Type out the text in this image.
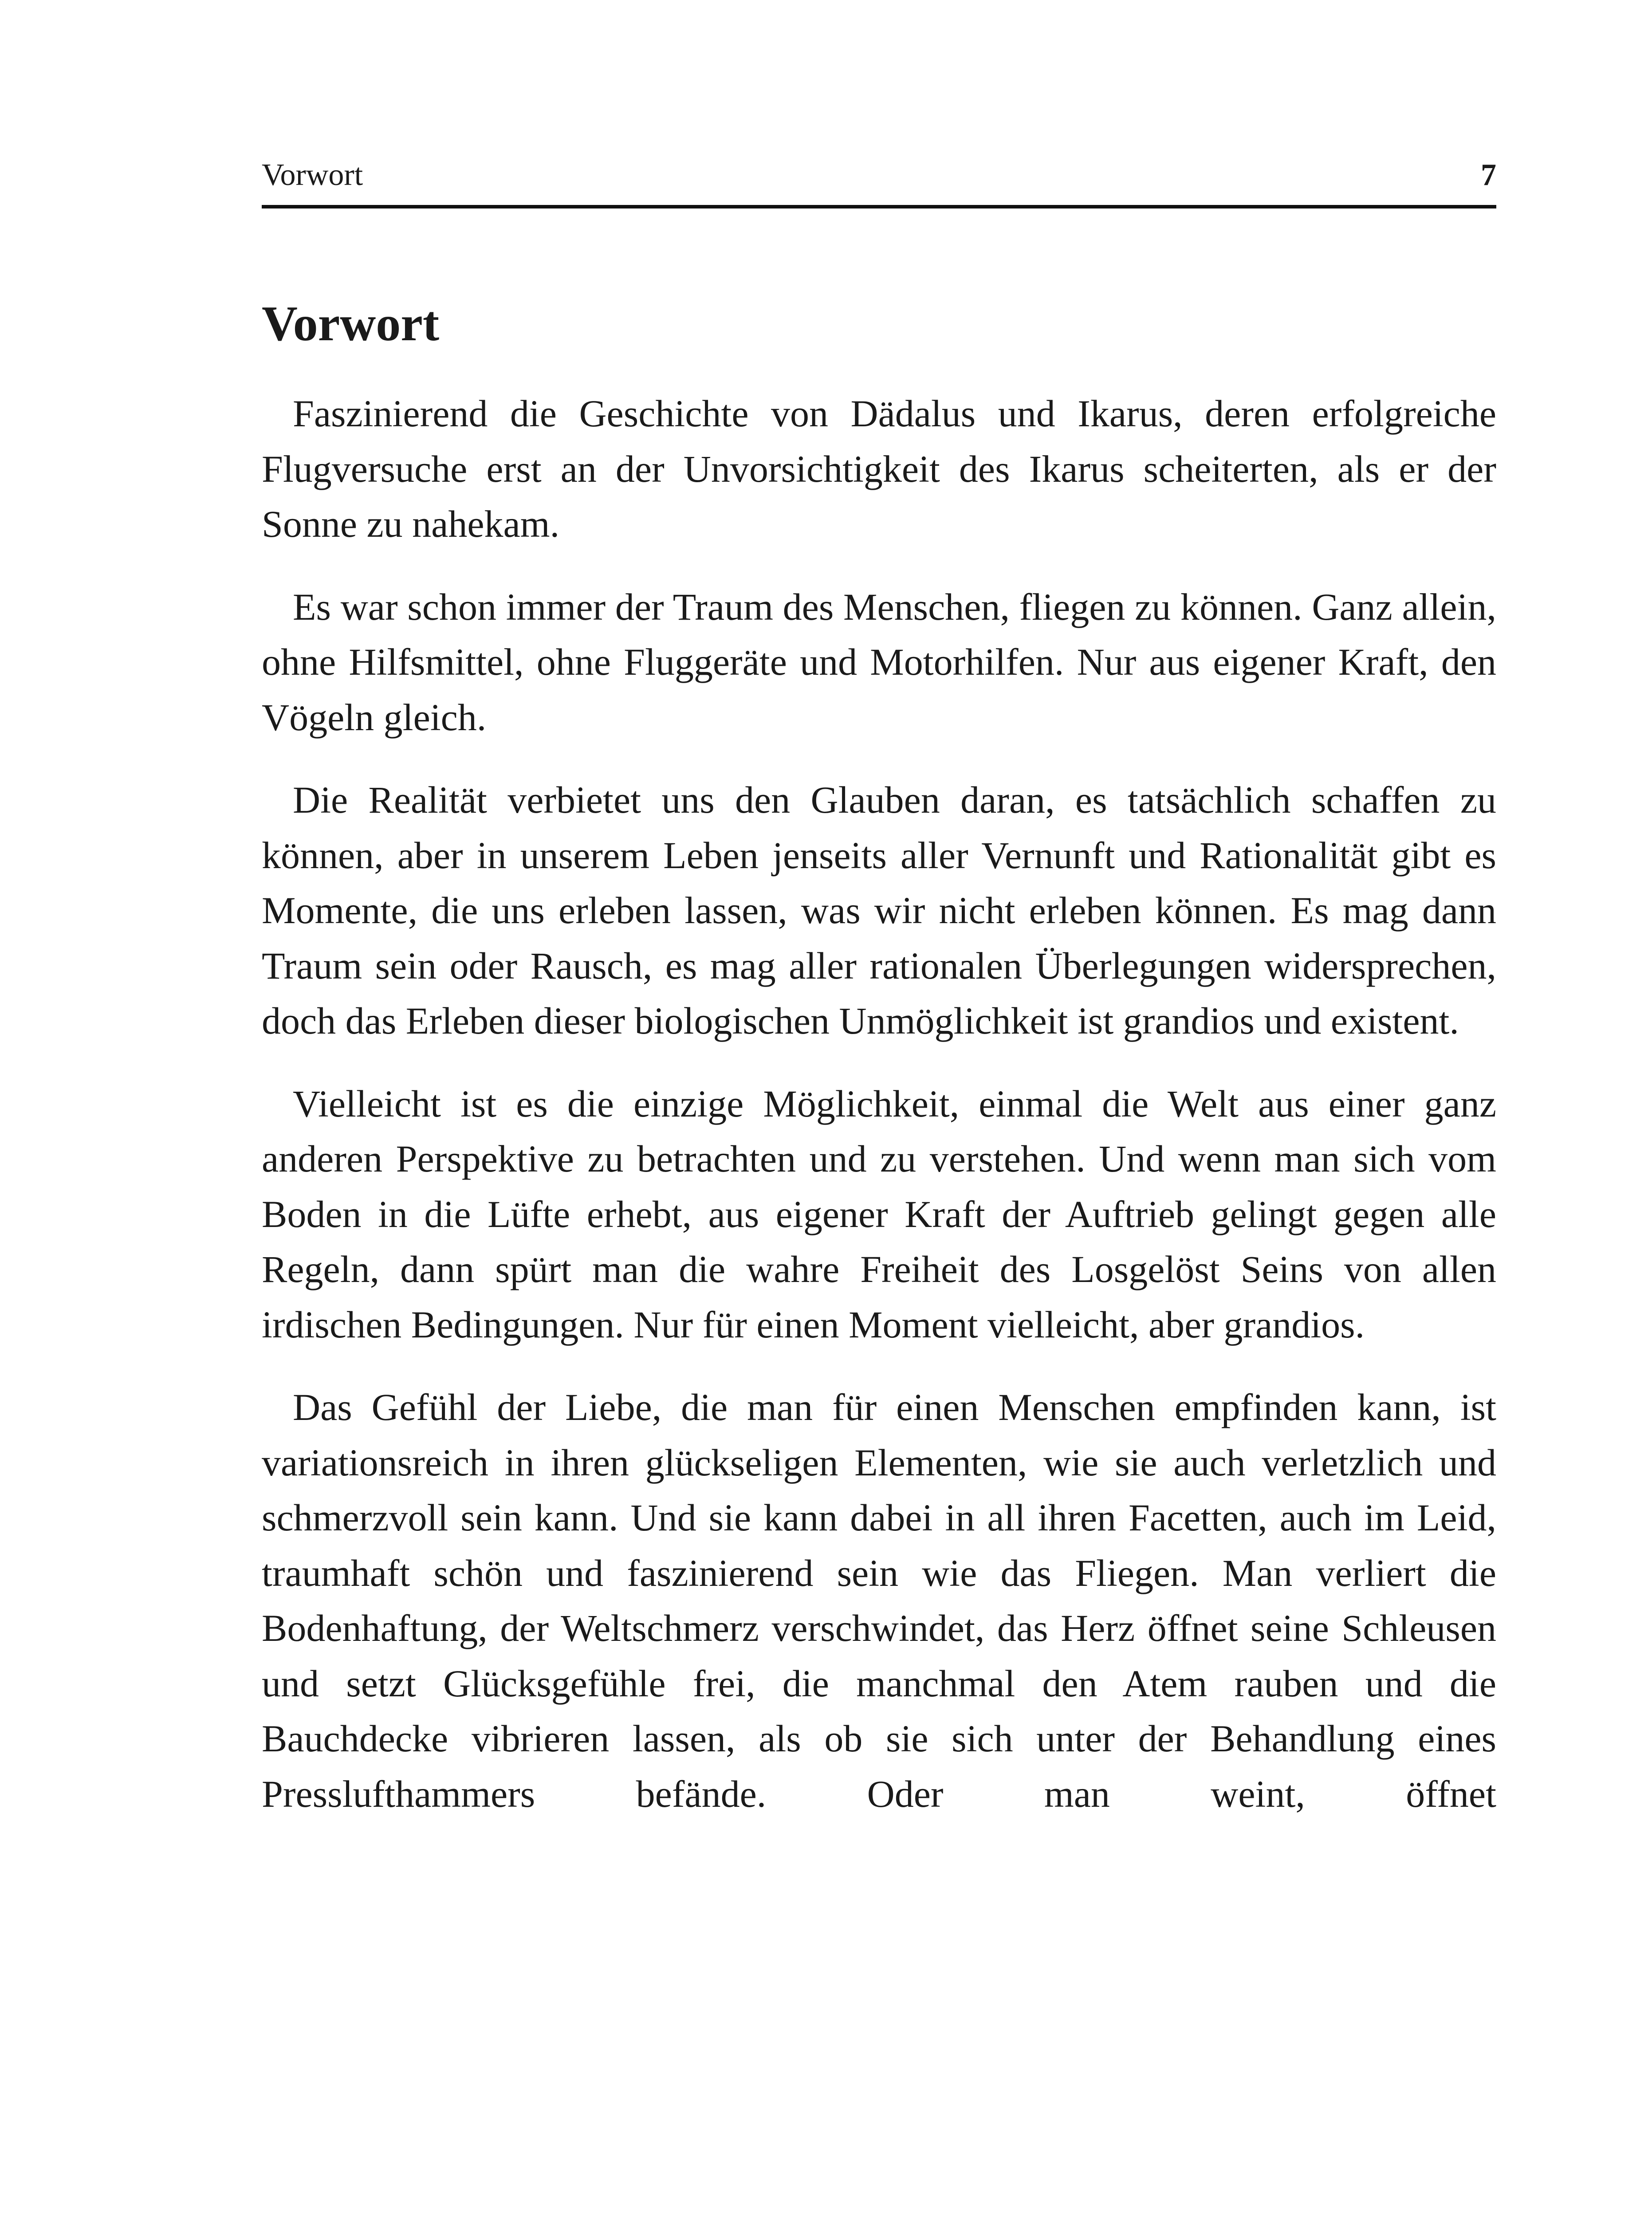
Vorwort	7
Vorwort

Faszinierend die Geschichte von Dädalus und Ikarus, deren erfolgreiche Flugversuche erst an der Unvorsichtigkeit des Ikarus scheiterten, als er der Sonne zu nahekam.

Es war schon immer der Traum des Menschen, fliegen zu können. Ganz allein, ohne Hilfsmittel, ohne Fluggeräte und Motorhilfen. Nur aus eigener Kraft, den Vögeln gleich.

Die Realität verbietet uns den Glauben daran, es tatsächlich schaffen zu können, aber in unserem Leben jenseits aller Vernunft und Rationalität gibt es Momente, die uns erleben lassen, was wir nicht erleben können. Es mag dann Traum sein oder Rausch, es mag aller rationalen Überlegungen widersprechen, doch das Erleben dieser biologischen Unmöglichkeit ist grandios und existent.

Vielleicht ist es die einzige Möglichkeit, einmal die Welt aus einer ganz anderen Perspektive zu betrachten und zu verstehen. Und wenn man sich vom Boden in die Lüfte erhebt, aus eigener Kraft der Auftrieb gelingt gegen alle Regeln, dann spürt man die wahre Freiheit des Losgelöst Seins von allen irdischen Bedingungen. Nur für einen Moment vielleicht, aber grandios.

Das Gefühl der Liebe, die man für einen Menschen empfinden kann, ist variationsreich in ihren glückseligen Elementen, wie sie auch verletzlich und schmerzvoll sein kann. Und sie kann dabei in all ihren Facetten, auch im Leid, traumhaft schön und faszinierend sein wie das Fliegen. Man verliert die Bodenhaftung, der Weltschmerz verschwindet, das Herz öffnet seine Schleusen und setzt Glücksgefühle frei, die manchmal den Atem rauben und die Bauchdecke vibrieren lassen, als ob sie sich unter der Behandlung eines Presslufthammers befände. Oder man weint, öffnet
